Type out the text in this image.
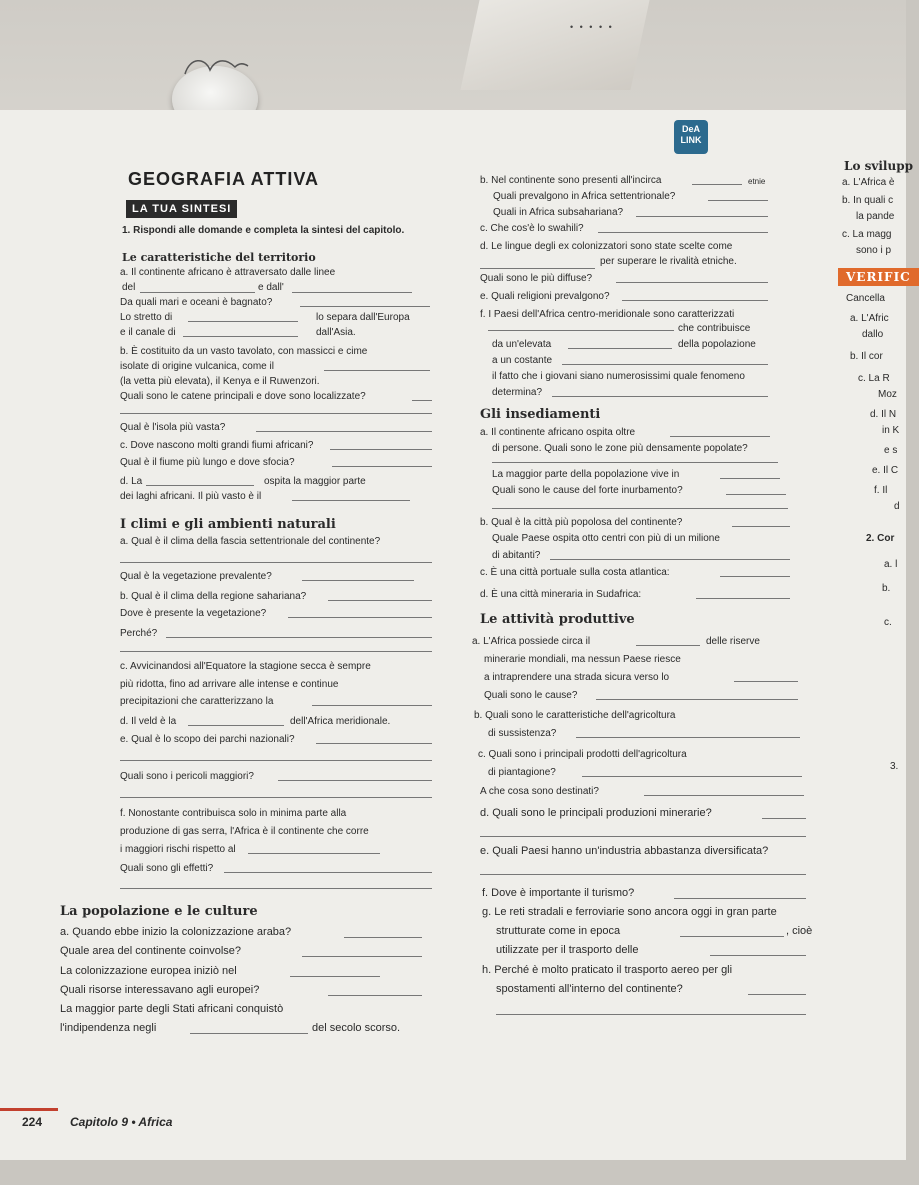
• • • • •
DeA LINK
GEOGRAFIA ATTIVA
LA TUA SINTESI
1. Rispondi alle domande e completa la sintesi del capitolo.
Le caratteristiche del territorio
a. Il continente africano è attraversato dalle linee
del	e dall'
Da quali mari e oceani è bagnato?
Lo stretto di	lo separa dall'Europa
e il canale di	dall'Asia.
b. È costituito da un vasto tavolato, con massicci e cime
isolate di origine vulcanica, come il
(la vetta più elevata), il Kenya e il Ruwenzori.
Quali sono le catene principali e dove sono localizzate?
Qual è l'isola più vasta?
c. Dove nascono molti grandi fiumi africani?
Qual è il fiume più lungo e dove sfocia?
d. La	ospita la maggior parte
dei laghi africani. Il più vasto è il
I climi e gli ambienti naturali
a. Qual è il clima della fascia settentrionale del continente?
Qual è la vegetazione prevalente?
b. Qual è il clima della regione sahariana?
Dove è presente la vegetazione?
Perché?
c. Avvicinandosi all'Equatore la stagione secca è sempre
più ridotta, fino ad arrivare alle intense e continue
precipitazioni che caratterizzano la
d. Il veld è la	dell'Africa meridionale.
e. Qual è lo scopo dei parchi nazionali?
Quali sono i pericoli maggiori?
f. Nonostante contribuisca solo in minima parte alla
produzione di gas serra, l'Africa è il continente che corre
i maggiori rischi rispetto al
Quali sono gli effetti?
La popolazione e le culture
a. Quando ebbe inizio la colonizzazione araba?
Quale area del continente coinvolse?
La colonizzazione europea iniziò nel
Quali risorse interessavano agli europei?
La maggior parte degli Stati africani conquistò
l'indipendenza negli	del secolo scorso.
b. Nel continente sono presenti all'incirca	etnie
Quali prevalgono in Africa settentrionale?
Quali in Africa subsahariana?
c. Che cos'è lo swahili?
d. Le lingue degli ex colonizzatori sono state scelte come
per superare le rivalità etniche.
Quali sono le più diffuse?
e. Quali religioni prevalgono?
f. I Paesi dell'Africa centro-meridionale sono caratterizzati
che contribuisce
da un'elevata	della popolazione
a un costante
il fatto che i giovani siano numerosissimi quale fenomeno
determina?
Gli insediamenti
a. Il continente africano ospita oltre
di persone. Quali sono le zone più densamente popolate?
La maggior parte della popolazione vive in
Quali sono le cause del forte inurbamento?
b. Qual è la città più popolosa del continente?
Quale Paese ospita otto centri con più di un milione
di abitanti?
c. È una città portuale sulla costa atlantica:
d. È una città mineraria in Sudafrica:
Le attività produttive
a. L'Africa possiede circa il	delle riserve
minerarie mondiali, ma nessun Paese riesce
a intraprendere una strada sicura verso lo
Quali sono le cause?
b. Quali sono le caratteristiche dell'agricoltura
di sussistenza?
c. Quali sono i principali prodotti dell'agricoltura
di piantagione?
A che cosa sono destinati?
d. Quali sono le principali produzioni minerarie?
e. Quali Paesi hanno un'industria abbastanza diversificata?
f. Dove è importante il turismo?
g. Le reti stradali e ferroviarie sono ancora oggi in gran parte
strutturate come in epoca	, cioè
utilizzate per il trasporto delle
h. Perché è molto praticato il trasporto aereo per gli
spostamenti all'interno del continente?
Lo svilupp
a. L'Africa è
b. In quali c
la pande
c. La magg
sono i p
VERIFIC
Cancella
a. L'Afric
dallo
b. Il cor
c. La R
Moz
d. Il N
in K
e s
e. Il C
f. Il
d
2. Cor
a. l
b.
c.
3.
224 Capitolo 9 • Africa
